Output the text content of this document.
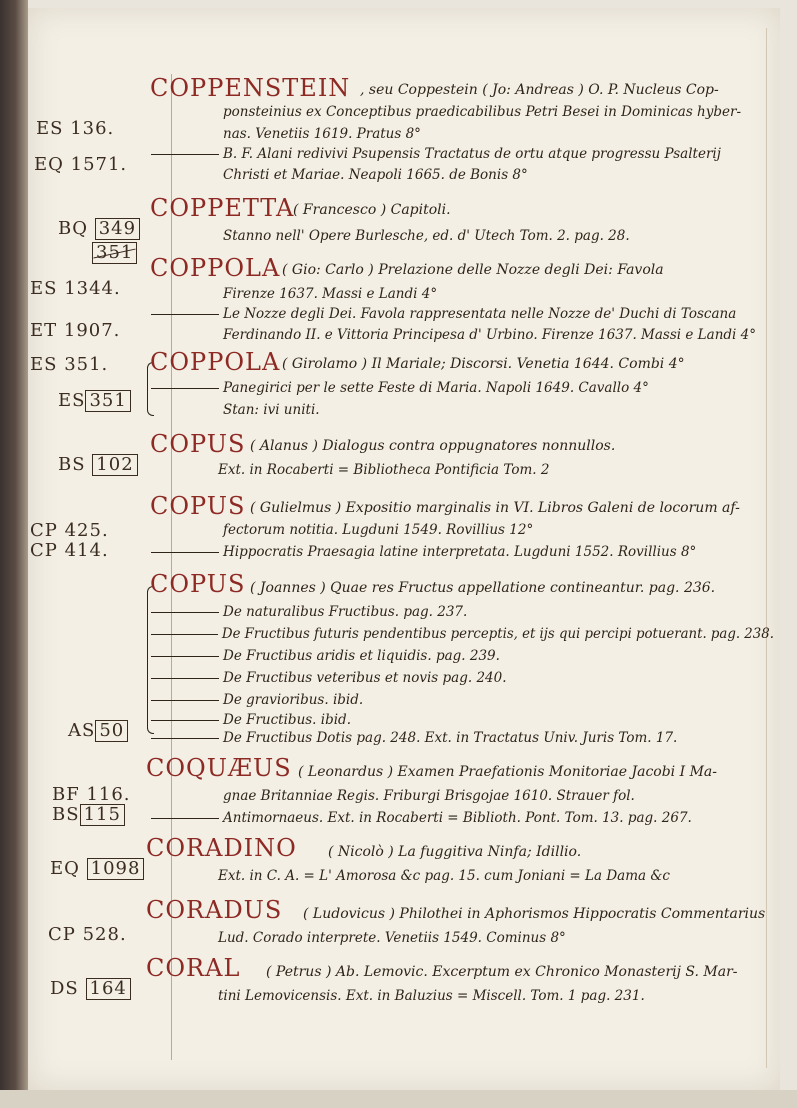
ES 136.
EQ 1571.
COPPENSTEIN , seu Coppestein ( Jo: Andreas ) O. P. Nucleus Cop-
ponsteinius ex Conceptibus praedicabilibus Petri Besei in Dominicas hyber-
nas. Venetiis 1619. Pratus 8°
B. F. Alani redivivi Psupensis Tractatus de ortu atque progressu Psalterij
Christi et Mariae. Neapoli 1665. de Bonis 8°
BQ 349
351
COPPETTA
( Francesco ) Capitoli.
Stanno nell' Opere Burlesche, ed. d' Utech Tom. 2. pag. 28.
ES 1344.
ET 1907.
COPPOLA ( Gio: Carlo ) Prelazione delle Nozze degli Dei: Favola
Firenze 1637. Massi e Landi 4°
Le Nozze degli Dei. Favola rappresentata nelle Nozze de' Duchi di Toscana
Ferdinando II. e Vittoria Principesa d' Urbino. Firenze 1637. Massi e Landi 4°
ES 351.
ES 351
COPPOLA ( Girolamo ) Il Mariale; Discorsi. Venetia 1644. Combi 4°
Panegirici per le sette Feste di Maria. Napoli 1649. Cavallo 4°
Stan: ivi uniti.
BS 102
COPUS ( Alanus ) Dialogus contra oppugnatores nonnullos.
Ext. in Rocaberti = Bibliotheca Pontificia Tom. 2
CP 425.
CP 414.
COPUS ( Gulielmus ) Expositio marginalis in VI. Libros Galeni de locorum af-
fectorum notitia. Lugduni 1549. Rovillius 12°
Hippocratis Praesagia latine interpretata. Lugduni 1552. Rovillius 8°
AS 50
COPUS ( Joannes ) Quae res Fructus appellatione contineantur. pag. 236.
De naturalibus Fructibus. pag. 237.
De Fructibus futuris pendentibus perceptis, et ijs qui percipi potuerant. pag. 238.
De Fructibus aridis et liquidis. pag. 239.
De Fructibus veteribus et novis pag. 240.
De gravioribus. ibid.
De Fructibus. ibid.
De Fructibus Dotis pag. 248. Ext. in Tractatus Univ. Juris Tom. 17.
BF 116.
BS 115
COQUÆUS ( Leonardus ) Examen Praefationis Monitoriae Jacobi I Ma-
gnae Britanniae Regis. Friburgi Brisgojae 1610. Strauer fol.
Antimornaeus. Ext. in Rocaberti = Biblioth. Pont. Tom. 13. pag. 267.
EQ 1098
CORADINO ( Nicolò ) La fuggitiva Ninfa; Idillio.
Ext. in C. A. = L' Amorosa &c pag. 15. cum Joniani = La Dama &c
CP 528.
CORADUS ( Ludovicus ) Philothei in Aphorismos Hippocratis Commentarius
Lud. Corado interprete. Venetiis 1549. Cominus 8°
DS 164
CORAL ( Petrus ) Ab. Lemovic. Excerptum ex Chronico Monasterij S. Mar-
tini Lemovicensis. Ext. in Baluzius = Miscell. Tom. 1 pag. 231.
